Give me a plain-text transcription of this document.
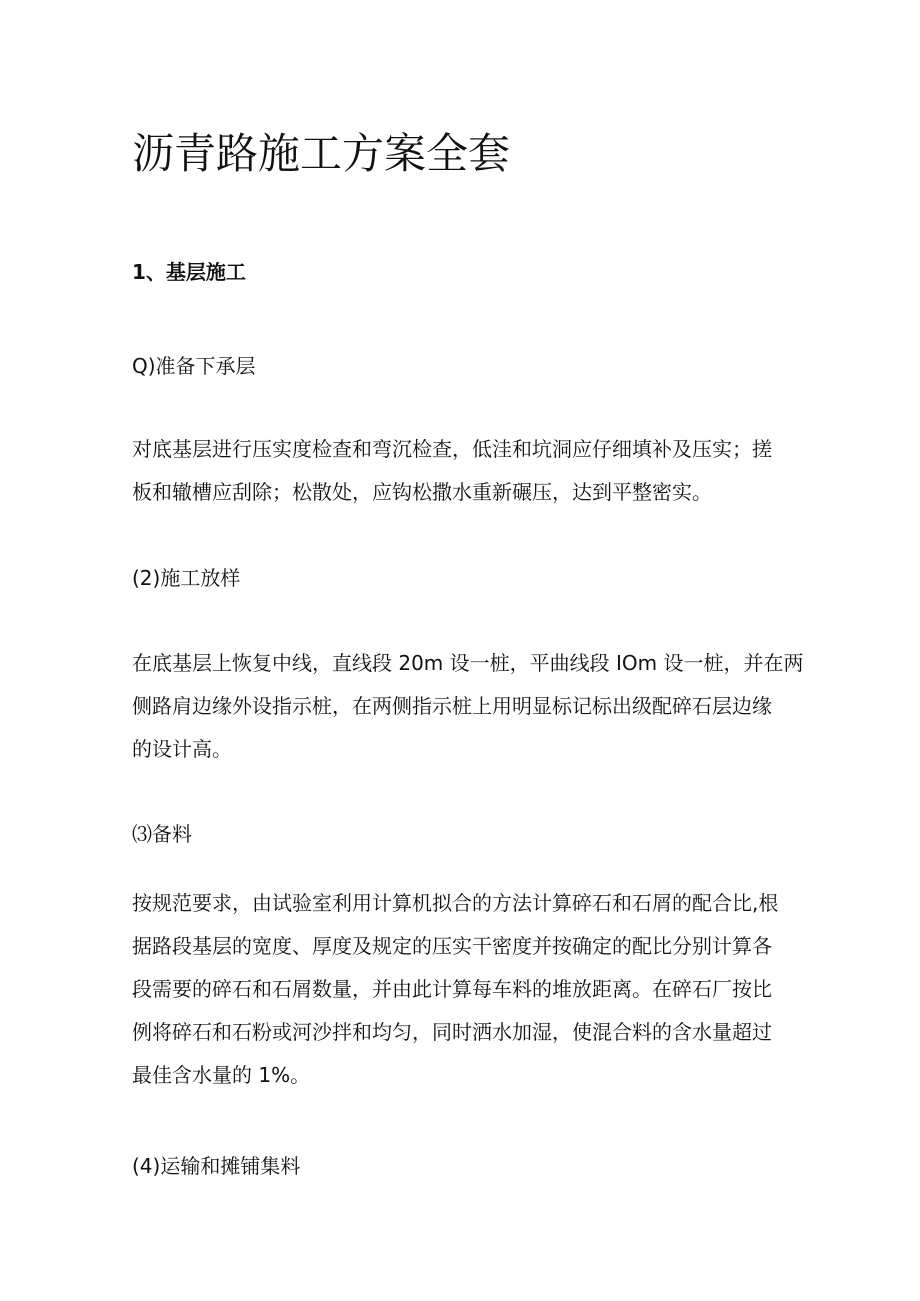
沥青路施工方案全套
1、基层施工

Q)准备下承层

对底基层进行压实度检查和弯沉检查，低洼和坑洞应仔细填补及压实；搓
板和辙槽应刮除；松散处，应钩松撒水重新碾压，达到平整密实。

(2)施工放样

在底基层上恢复中线，直线段 20m 设一桩，平曲线段 IOm 设一桩，并在两
侧路肩边缘外设指示桩，在两侧指示桩上用明显标记标出级配碎石层边缘
的设计高。

⑶备料

按规范要求，由试验室利用计算机拟合的方法计算碎石和石屑的配合比,根
据路段基层的宽度、厚度及规定的压实干密度并按确定的配比分别计算各
段需要的碎石和石屑数量，并由此计算每车料的堆放距离。在碎石厂按比
例将碎石和石粉或河沙拌和均匀，同时洒水加湿，使混合料的含水量超过
最佳含水量的 1%。

(4)运输和摊铺集料
